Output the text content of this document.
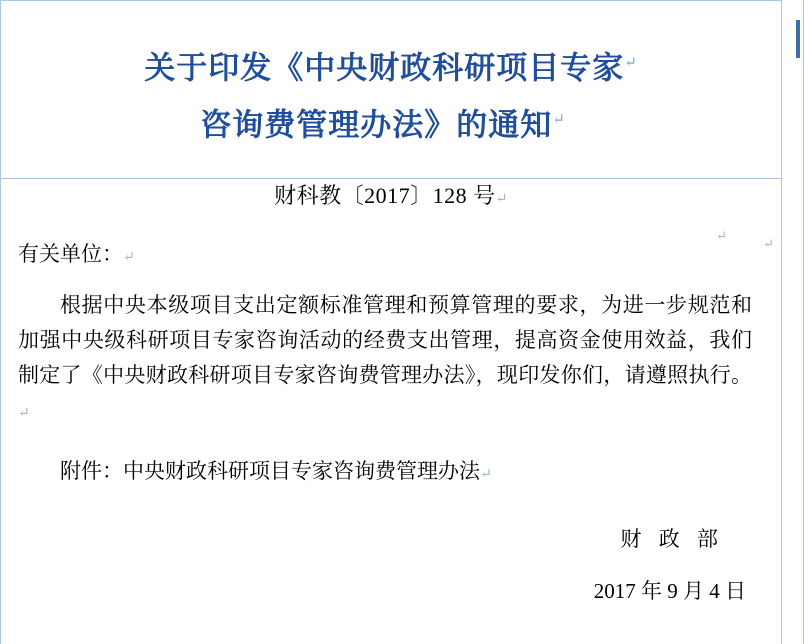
关于印发《中央财政科研项目专家↵
咨询费管理办法》的通知↵

财科教〔2017〕128 号↵

↵
↵

有关单位：↵

根据中央本级项目支出定额标准管理和预算管理的要求，为进一步规范和加强中央级科研项目专家咨询活动的经费支出管理，提高资金使用效益，我们制定了《中央财政科研项目专家咨询费管理办法》，现印发你们，请遵照执行。↵

附件：中央财政科研项目专家咨询费管理办法↵

财 政 部

2017 年 9 月 4 日
